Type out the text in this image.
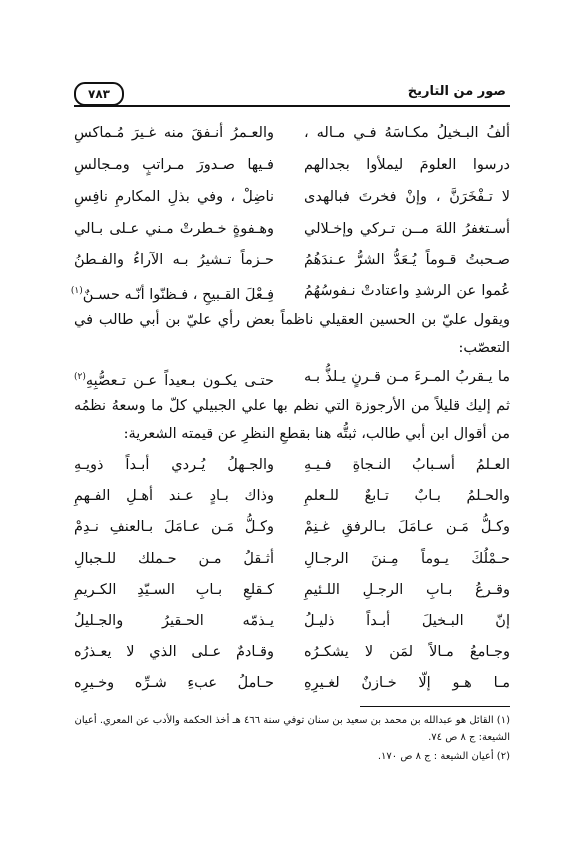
صور من التاريخ
٧٨٣
ألفُ البـخيلُ مكـاسَهُ فـي مـاله ،
والعـمرُ أنـفقَ منه غـيرَ مُـماكسِ
درسوا العلومَ ليملأوا بجدالهم
فـيها صـدورَ مـراتبٍ ومـجالسِ
لا تـفْخَرَنَّ ، وإنْ فخرتَ فبالهدى
ناضِلْ ، وفي بذلِ المكارمِ نافِسِ
أسـتغفرُ اللهَ مــن تـركي وإخـلالي
وهـفوةٍ خـطرتْ مـني عـلى بـالي
صـحبتُ قـوماً يُـعَدُّ الشرُّ عـندَهُمُ
حـزماً تـشيرُ بـه الآراءُ والفـطنُ
عُموا عن الرشدِ واعتادتْ نـفوسُهُمُ
فِـعْلَ القـبيحِ ، فـظنّوا أنّـه حسـنٌ$^{(١)}$
ويقول عليّ بن الحسين العقيلي ناظماً بعض رأي عليّ بن أبي طالب في التعصّب:
ما يـقربُ المـرءَ مـن قـرنٍ يـلذُّ بـه
حتـى يكـون بـعيداً عـن تـعصُّبِهِ$^{(٢)}$
ثم إليك قليلاً من الأرجوزة التي نظم بها علي الجبيلي كلّ ما وسعهُ نظمُه من أقوال ابن أبي طالب، ثبتُّه هنا بقطعِ النظرِ عن قيمته الشعرية:
العـلمُ أسـبابُ النـجاةِ فـيـهِ
والجـهلُ يُـردي أبـداً ذويـهِ
والحـلمُ بـابٌ تـابعٌ للـعلمِ
وذاك بـادٍ عـند أهـلِ الفـهمِ
وكـلُّ مَـن عـامَلَ بـالرفقِ غـنِمْ
وكـلُّ مَـن عـامَلَ بـالعنفِ نـدِمْ
حـمْلُكَ يـوماً مِـننَ الرجـالِ
أثـقلُ مـن حـملك للـجبالِ
وقـرعُ بـابِ الرجـلِ اللـئيمِ
كـقلعِ بـابِ السـيّدِ الكـريمِ
إنّ البـخيلَ أبـداً ذليـلُ
يـذمّه الحـقيرُ والجـليلُ
وجـامعُ مـالاً لمَن لا يشكـرُه
وقـادمٌ عـلى الذي لا يعـذرُه
مـا هـو إلّا خـازنٌ لغـيرِهِ
حـاملُ عبءِ شـرِّه وخـيرِه
(١) القائل هو عبدالله بن محمد بن سعيد بن سنان توفي سنة ٤٦٦ هـ أخذ الحكمة والأدب عن المعري. أعيان الشيعة: ج ٨ ص ٧٤.
(٢) أعيان الشيعة : ج ٨ ص ١٧٠.
